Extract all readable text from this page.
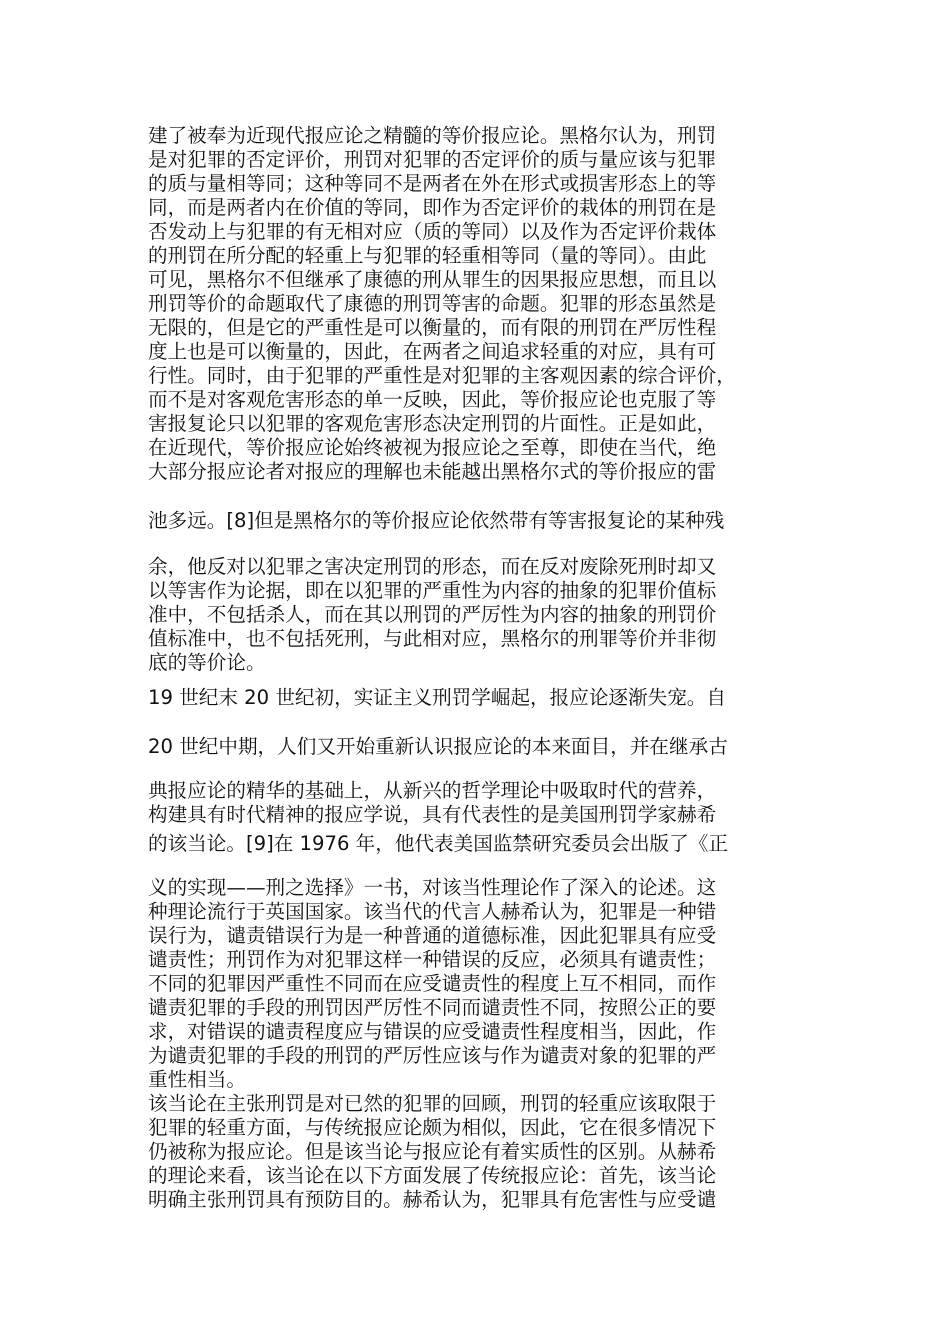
建了被奉为近现代报应论之精髓的等价报应论。黑格尔认为，刑罚
是对犯罪的否定评价，刑罚对犯罪的否定评价的质与量应该与犯罪
的质与量相等同；这种等同不是两者在外在形式或损害形态上的等
同，而是两者内在价值的等同，即作为否定评价的栽体的刑罚在是
否发动上与犯罪的有无相对应（质的等同）以及作为否定评价栽体
的刑罚在所分配的轻重上与犯罪的轻重相等同（量的等同）。由此
可见，黑格尔不但继承了康德的刑从罪生的因果报应思想，而且以
刑罚等价的命题取代了康德的刑罚等害的命题。犯罪的形态虽然是
无限的，但是它的严重性是可以衡量的，而有限的刑罚在严厉性程
度上也是可以衡量的，因此，在两者之间追求轻重的对应，具有可
行性。同时，由于犯罪的严重性是对犯罪的主客观因素的综合评价，
而不是对客观危害形态的单一反映，因此，等价报应论也克服了等
害报复论只以犯罪的客观危害形态决定刑罚的片面性。正是如此，
在近现代，等价报应论始终被视为报应论之至尊，即使在当代，绝
大部分报应论者对报应的理解也未能越出黑格尔式的等价报应的雷
池多远。[8]但是黑格尔的等价报应论依然带有等害报复论的某种残
余，他反对以犯罪之害决定刑罚的形态，而在反对废除死刑时却又
以等害作为论据，即在以犯罪的严重性为内容的抽象的犯罪价值标
准中，不包括杀人，而在其以刑罚的严厉性为内容的抽象的刑罚价
值标准中，也不包括死刑，与此相对应，黑格尔的刑罪等价并非彻
底的等价论。
19 世纪末 20 世纪初，实证主义刑罚学崛起，报应论逐渐失宠。自
20 世纪中期，人们又开始重新认识报应论的本来面目，并在继承古
典报应论的精华的基础上，从新兴的哲学理论中吸取时代的营养，
构建具有时代精神的报应学说，具有代表性的是美国刑罚学家赫希
的该当论。[9]在 1976 年，他代表美国监禁研究委员会出版了《正
义的实现——刑之选择》一书，对该当性理论作了深入的论述。这
种理论流行于英国国家。该当代的代言人赫希认为，犯罪是一种错
误行为，谴责错误行为是一种普通的道德标准，因此犯罪具有应受
谴责性；刑罚作为对犯罪这样一种错误的反应，必须具有谴责性；
不同的犯罪因严重性不同而在应受谴责性的程度上互不相同，而作
谴责犯罪的手段的刑罚因严厉性不同而谴责性不同，按照公正的要
求，对错误的谴责程度应与错误的应受谴责性程度相当，因此，作
为谴责犯罪的手段的刑罚的严厉性应该与作为谴责对象的犯罪的严
重性相当。
该当论在主张刑罚是对已然的犯罪的回顾，刑罚的轻重应该取限于
犯罪的轻重方面，与传统报应论颇为相似，因此，它在很多情况下
仍被称为报应论。但是该当论与报应论有着实质性的区别。从赫希
的理论来看，该当论在以下方面发展了传统报应论：首先，该当论
明确主张刑罚具有预防目的。赫希认为，犯罪具有危害性与应受谴
